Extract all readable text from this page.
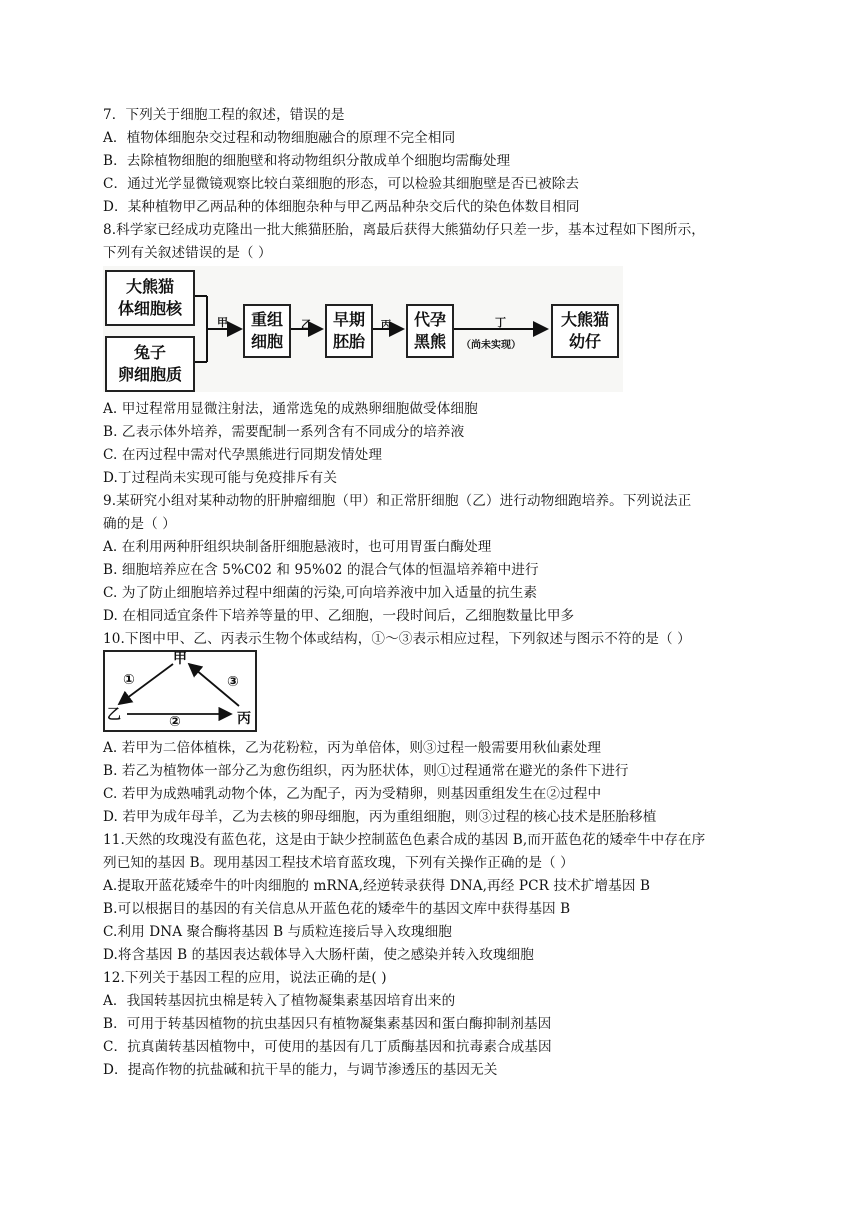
7．下列关于细胞工程的叙述，错误的是
A．植物体细胞杂交过程和动物细胞融合的原理不完全相同
B．去除植物细胞的细胞壁和将动物组织分散成单个细胞均需酶处理
C．通过光学显微镜观察比较白菜细胞的形态，可以检验其细胞壁是否已被除去
D．某种植物甲乙两品种的体细胞杂种与甲乙两品种杂交后代的染色体数目相同
8.科学家已经成功克隆出一批大熊猫胚胎，离最后获得大熊猫幼仔只差一步，基本过程如下图所示，
下列有关叙述错误的是（ ）
大熊猫
体细胞核
兔子
卵细胞质
重组
细胞
早期
胚胎
代孕
黑熊
大熊猫
幼仔
甲	乙	丙	丁
（尚未实现）
A. 甲过程常用显微注射法，通常选兔的成熟卵细胞做受体细胞
B. 乙表示体外培养，需要配制一系列含有不同成分的培养液
C. 在丙过程中需对代孕黑熊进行同期发情处理
D.丁过程尚未实现可能与免疫排斥有关
9.某研究小组对某种动物的肝肿瘤细胞（甲）和正常肝细胞（乙）进行动物细跑培养。下列说法正
确的是（ ）
A. 在利用两种肝组织块制备肝细胞悬液时，也可用胃蛋白酶处理
B. 细胞培养应在含 5%C02 和 95%02 的混合气体的恒温培养箱中进行
C. 为了防止细胞培养过程中细菌的污染,可向培养液中加入适量的抗生素
D. 在相同适宜条件下培养等量的甲、乙细胞，一段时间后，乙细胞数量比甲多
10.下图中甲、乙、丙表示生物个体或结构，①～③表示相应过程，下列叙述与图示不符的是（ ）
甲
乙	丙
①
②
③
A. 若甲为二倍体植株，乙为花粉粒，丙为单倍体，则③过程一般需要用秋仙素处理
B. 若乙为植物体一部分乙为愈伤组织，丙为胚状体，则①过程通常在避光的条件下进行
C. 若甲为成熟哺乳动物个体，乙为配子，丙为受精卵，则基因重组发生在②过程中
D. 若甲为成年母羊，乙为去核的卵母细胞，丙为重组细胞，则③过程的核心技术是胚胎移植
11.天然的玫瑰没有蓝色花，这是由于缺少控制蓝色色素合成的基因 B,而开蓝色花的矮牵牛中存在序
列已知的基因 B。现用基因工程技术培育蓝玫瑰，下列有关操作正确的是（ ）
A.提取开蓝花矮牵牛的叶肉细胞的 mRNA,经逆转录获得 DNA,再经 PCR 技术扩增基因 B
B.可以根据目的基因的有关信息从开蓝色花的矮牵牛的基因文库中获得基因 B
C.利用 DNA 聚合酶将基因 B 与质粒连接后导入玫瑰细胞
D.将含基因 B 的基因表达载体导入大肠杆菌，使之感染并转入玫瑰细胞
12.下列关于基因工程的应用，说法正确的是( )
A．我国转基因抗虫棉是转入了植物凝集素基因培育出来的
B．可用于转基因植物的抗虫基因只有植物凝集素基因和蛋白酶抑制剂基因
C．抗真菌转基因植物中，可使用的基因有几丁质酶基因和抗毒素合成基因
D．提高作物的抗盐碱和抗干旱的能力，与调节渗透压的基因无关
